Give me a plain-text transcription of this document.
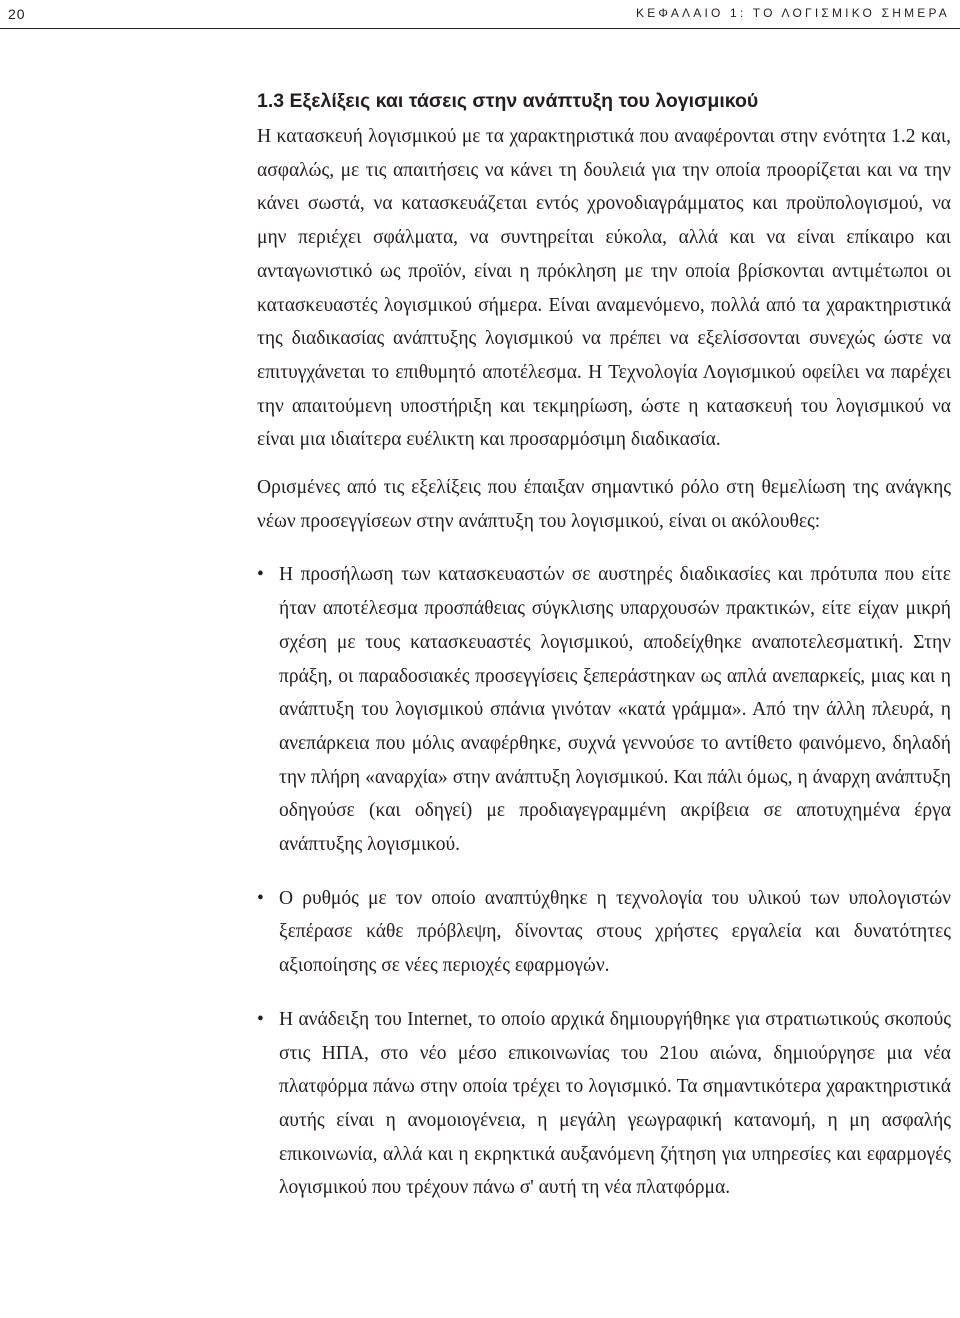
20	ΚΕΦΑΛΑΙΟ 1: ΤΟ ΛΟΓΙΣΜΙΚΟ ΣΗΜΕΡΑ
1.3 Εξελίξεις και τάσεις στην ανάπτυξη του λογισμικού

Η κατασκευή λογισμικού με τα χαρακτηριστικά που αναφέρονται στην ενότητα 1.2 και, ασφαλώς, με τις απαιτήσεις να κάνει τη δουλειά για την οποία προορίζεται και να την κάνει σωστά, να κατασκευάζεται εντός χρονοδιαγράμματος και προϋπολογισμού, να μην περιέχει σφάλματα, να συντηρείται εύκολα, αλλά και να είναι επίκαιρο και ανταγωνιστικό ως προϊόν, είναι η πρόκληση με την οποία βρίσκονται αντιμέτωποι οι κατασκευαστές λογισμικού σήμερα. Είναι αναμενόμενο, πολλά από τα χαρακτηριστικά της διαδικασίας ανάπτυξης λογισμικού να πρέπει να εξελίσσονται συνεχώς ώστε να επιτυγχάνεται το επιθυμητό αποτέλεσμα. Η Τεχνολογία Λογισμικού οφείλει να παρέχει την απαιτούμενη υποστήριξη και τεκμηρίωση, ώστε η κατασκευή του λογισμικού να είναι μια ιδιαίτερα ευέλικτη και προσαρμόσιμη διαδικασία.

Ορισμένες από τις εξελίξεις που έπαιξαν σημαντικό ρόλο στη θεμελίωση της ανάγκης νέων προσεγγίσεων στην ανάπτυξη του λογισμικού, είναι οι ακόλουθες:

• Η προσήλωση των κατασκευαστών σε αυστηρές διαδικασίες και πρότυπα που είτε ήταν αποτέλεσμα προσπάθειας σύγκλισης υπαρχουσών πρακτικών, είτε είχαν μικρή σχέση με τους κατασκευαστές λογισμικού, αποδείχθηκε αναποτελεσματική. Στην πράξη, οι παραδοσιακές προσεγγίσεις ξεπεράστηκαν ως απλά ανεπαρκείς, μιας και η ανάπτυξη του λογισμικού σπάνια γινόταν «κατά γράμμα». Από την άλλη πλευρά, η ανεπάρκεια που μόλις αναφέρθηκε, συχνά γεννούσε το αντίθετο φαινόμενο, δηλαδή την πλήρη «αναρχία» στην ανάπτυξη λογισμικού. Και πάλι όμως, η άναρχη ανάπτυξη οδηγούσε (και οδηγεί) με προδιαγεγραμμένη ακρίβεια σε αποτυχημένα έργα ανάπτυξης λογισμικού.
• Ο ρυθμός με τον οποίο αναπτύχθηκε η τεχνολογία του υλικού των υπολογιστών ξεπέρασε κάθε πρόβλεψη, δίνοντας στους χρήστες εργαλεία και δυνατότητες αξιοποίησης σε νέες περιοχές εφαρμογών.
• Η ανάδειξη του Internet, το οποίο αρχικά δημιουργήθηκε για στρατιωτικούς σκοπούς στις ΗΠΑ, στο νέο μέσο επικοινωνίας του 21ου αιώνα, δημιούργησε μια νέα πλατφόρμα πάνω στην οποία τρέχει το λογισμικό. Τα σημαντικότερα χαρακτηριστικά αυτής είναι η ανομοιογένεια, η μεγάλη γεωγραφική κατανομή, η μη ασφαλής επικοινωνία, αλλά και η εκρηκτικά αυξανόμενη ζήτηση για υπηρεσίες και εφαρμογές λογισμικού που τρέχουν πάνω σ' αυτή τη νέα πλατφόρμα.
